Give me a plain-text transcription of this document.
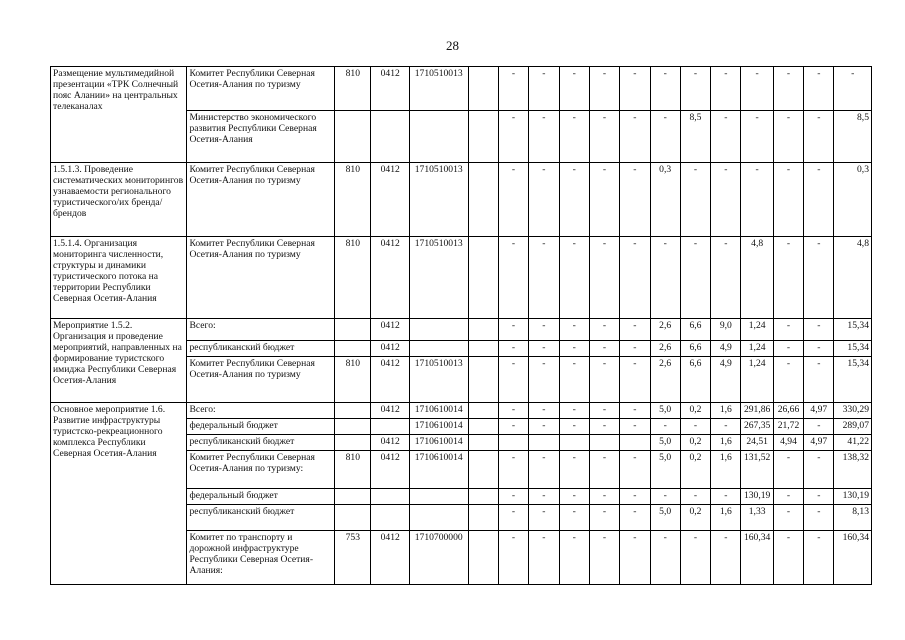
28
Размещение мультимедийной презентации «ТРК Солнечный пояс Алании» на центральных телеканалах	Комитет Республики Северная Осетия-Алания по туризму	810	0412	1710510013		-	-	-	-	-	-	-	-	-	-	-	-
	Министерство экономического развития Республики Северная Осетия-Алания					-	-	-	-	-	-	8,5	-	-	-	-	8,5
1.5.1.3. Проведение систематических мониторингов узнаваемости регионального туристического/их бренда/брендов	Комитет Республики Северная Осетия-Алания по туризму	810	0412	1710510013		-	-	-	-	-	0,3	-	-	-	-	-	0,3
1.5.1.4. Организация мониторинга численности, структуры и динамики туристического потока на территории Республики Северная Осетия-Алания	Комитет Республики Северная Осетия-Алания по туризму	810	0412	1710510013		-	-	-	-	-	-	-	-	4,8	-	-	4,8
Мероприятие 1.5.2. Организация и проведение мероприятий, направленных на формирование туристского имиджа Республики Северная Осетия-Алания	Всего:		0412			-	-	-	-	-	2,6	6,6	9,0	1,24	-	-	15,34
	республиканский бюджет		0412			-	-	-	-	-	2,6	6,6	4,9	1,24	-	-	15,34
	Комитет Республики Северная Осетия-Алания по туризму	810	0412	1710510013		-	-	-	-	-	2,6	6,6	4,9	1,24	-	-	15,34
Основное мероприятие 1.6. Развитие инфраструктуры туристско-рекреационного комплекса Республики Северная Осетия-Алания	Всего:		0412	1710610014		-	-	-	-	-	5,0	0,2	1,6	291,86	26,66	4,97	330,29
	федеральный бюджет			1710610014		-	-	-	-	-	-	-	-	267,35	21,72	-	289,07
	республиканский бюджет		0412	1710610014							5,0	0,2	1,6	24,51	4,94	4,97	41,22
	Комитет Республики Северная Осетия-Алания по туризму:	810	0412	1710610014		-	-	-	-	-	5,0	0,2	1,6	131,52	-	-	138,32
	федеральный бюджет					-	-	-	-	-	-	-	-	130,19	-	-	130,19
	республиканский бюджет					-	-	-	-	-	5,0	0,2	1,6	1,33	-	-	8,13
	Комитет по транспорту и дорожной инфраструктуре Республики Северная Осетия-Алания:	753	0412	1710700000		-	-	-	-	-	-	-	-	160,34	-	-	160,34
